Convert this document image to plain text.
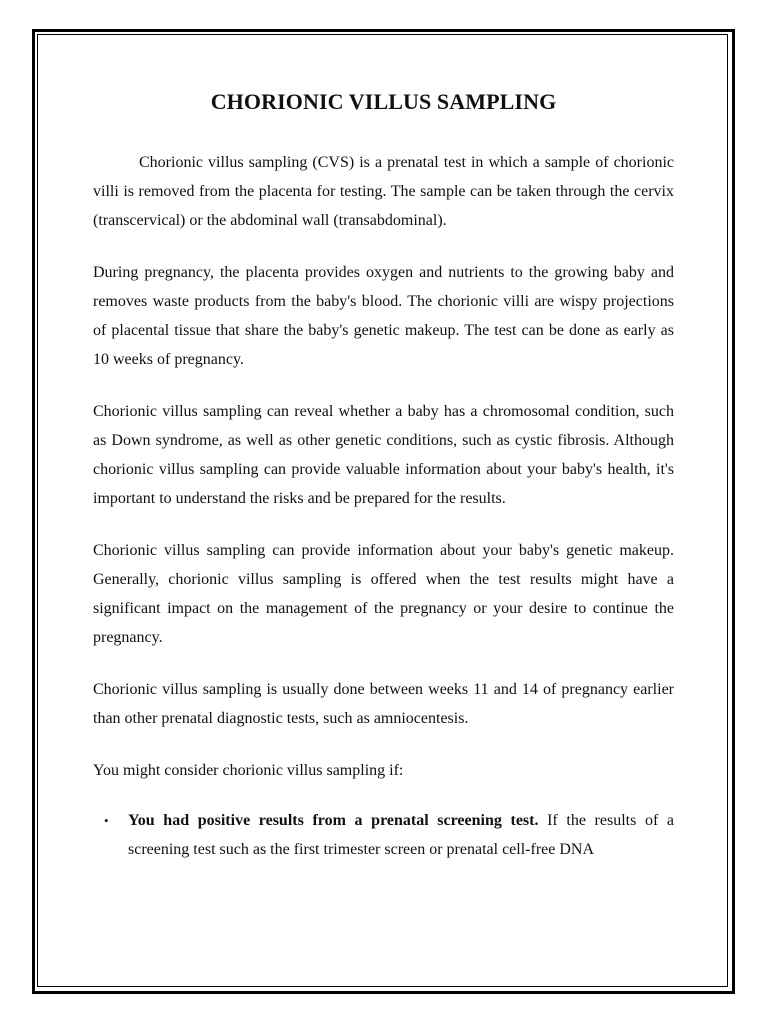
CHORIONIC VILLUS SAMPLING

Chorionic villus sampling (CVS) is a prenatal test in which a sample of chorionic villi is removed from the placenta for testing. The sample can be taken through the cervix (transcervical) or the abdominal wall (transabdominal).

During pregnancy, the placenta provides oxygen and nutrients to the growing baby and removes waste products from the baby's blood. The chorionic villi are wispy projections of placental tissue that share the baby's genetic makeup. The test can be done as early as 10 weeks of pregnancy.

Chorionic villus sampling can reveal whether a baby has a chromosomal condition, such as Down syndrome, as well as other genetic conditions, such as cystic fibrosis. Although chorionic villus sampling can provide valuable information about your baby's health, it's important to understand the risks and be prepared for the results.

Chorionic villus sampling can provide information about your baby's genetic makeup. Generally, chorionic villus sampling is offered when the test results might have a significant impact on the management of the pregnancy or your desire to continue the pregnancy.

Chorionic villus sampling is usually done between weeks 11 and 14 of pregnancy earlier than other prenatal diagnostic tests, such as amniocentesis.

You might consider chorionic villus sampling if:

• You had positive results from a prenatal screening test. If the results of a screening test such as the first trimester screen or prenatal cell-free DNA
